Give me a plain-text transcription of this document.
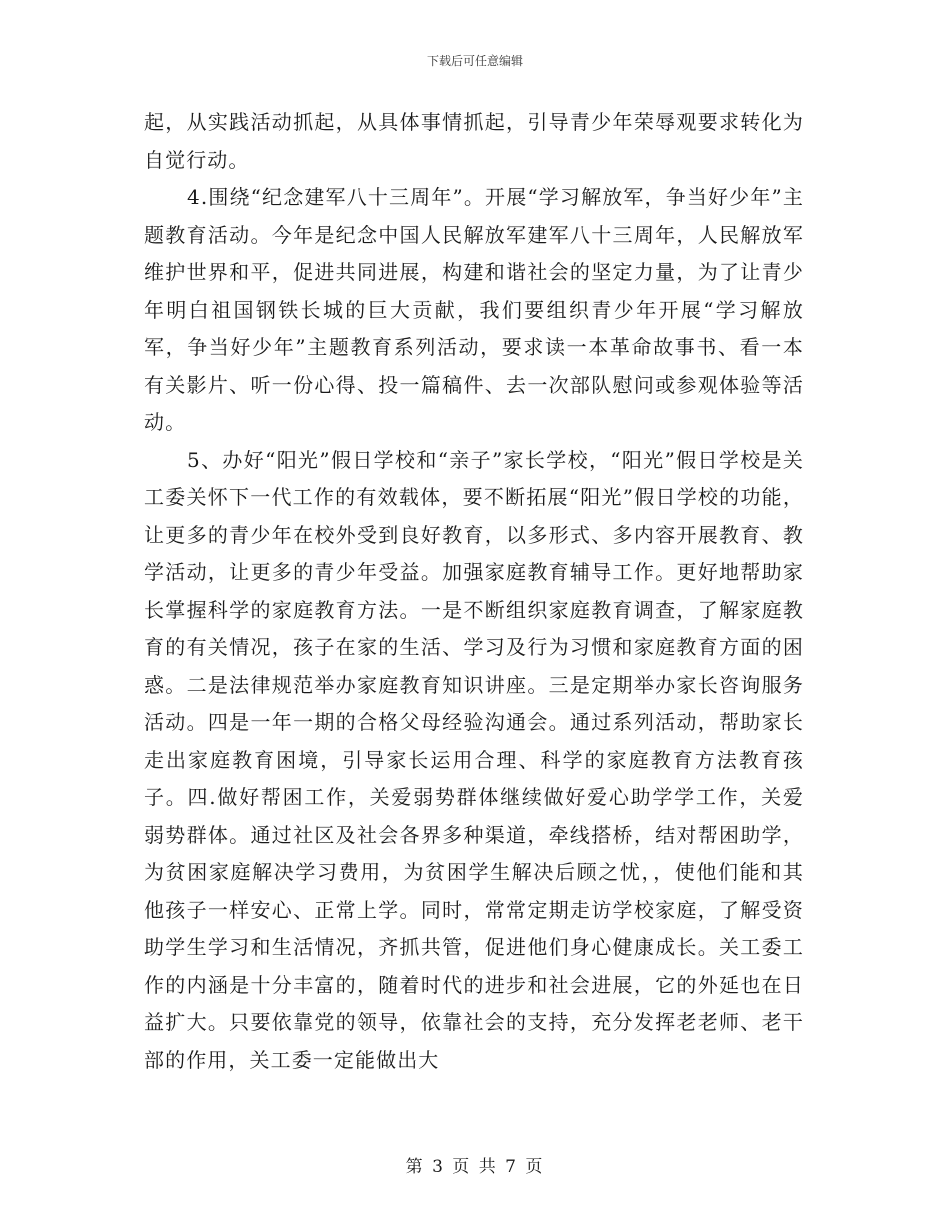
下载后可任意编辑

起，从实践活动抓起，从具体事情抓起，引导青少年荣辱观要求转化为自觉行动。

4.围绕“纪念建军八十三周年”。开展“学习解放军，争当好少年”主题教育活动。今年是纪念中国人民解放军建军八十三周年，人民解放军维护世界和平，促进共同进展，构建和谐社会的坚定力量，为了让青少年明白祖国钢铁长城的巨大贡献，我们要组织青少年开展“学习解放军，争当好少年”主题教育系列活动，要求读一本革命故事书、看一本有关影片、听一份心得、投一篇稿件、去一次部队慰问或参观体验等活动。

5、办好“阳光”假日学校和“亲子”家长学校，“阳光”假日学校是关工委关怀下一代工作的有效载体，要不断拓展“阳光”假日学校的功能，让更多的青少年在校外受到良好教育，以多形式、多内容开展教育、教学活动，让更多的青少年受益。加强家庭教育辅导工作。更好地帮助家长掌握科学的家庭教育方法。一是不断组织家庭教育调查，了解家庭教育的有关情况，孩子在家的生活、学习及行为习惯和家庭教育方面的困惑。二是法律规范举办家庭教育知识讲座。三是定期举办家长咨询服务活动。四是一年一期的合格父母经验沟通会。通过系列活动，帮助家长走出家庭教育困境，引导家长运用合理、科学的家庭教育方法教育孩子。四.做好帮困工作，关爱弱势群体继续做好爱心助学学工作，关爱弱势群体。通过社区及社会各界多种渠道，牵线搭桥，结对帮困助学，为贫困家庭解决学习费用，为贫困学生解决后顾之忧，，使他们能和其他孩子一样安心、正常上学。同时，常常定期走访学校家庭，了解受资助学生学习和生活情况，齐抓共管，促进他们身心健康成长。关工委工作的内涵是十分丰富的，随着时代的进步和社会进展，它的外延也在日益扩大。只要依靠党的领导，依靠社会的支持，充分发挥老老师、老干部的作用，关工委一定能做出大

第 3 页 共 7 页
